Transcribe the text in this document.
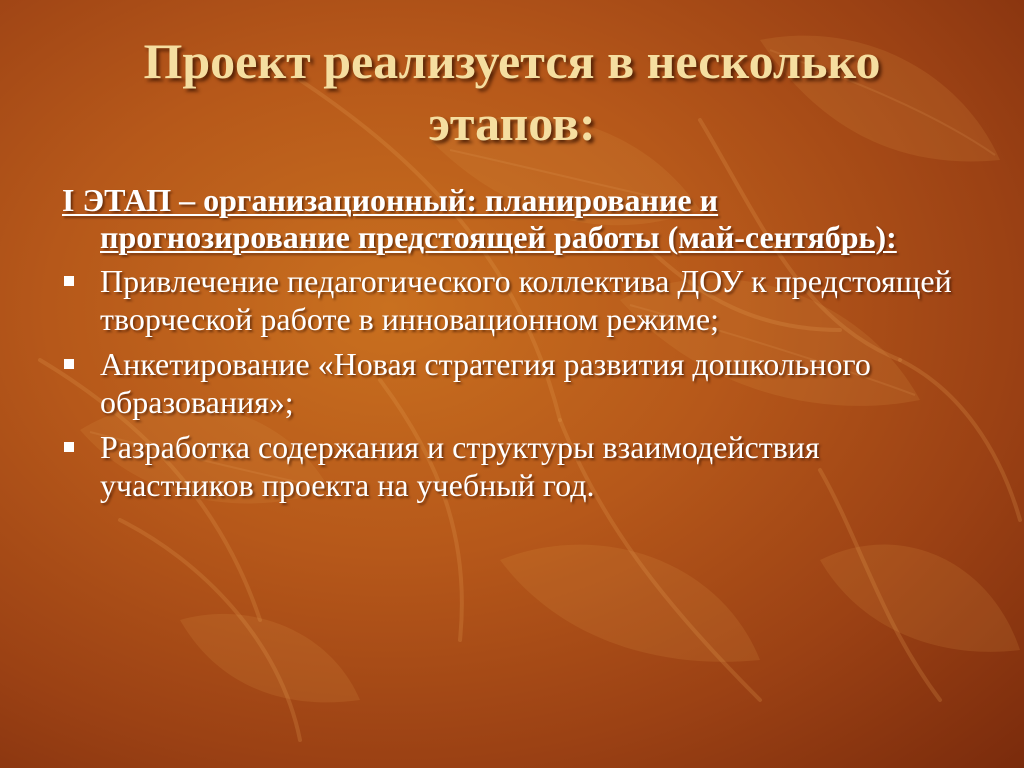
Проект реализуется в несколько этапов:

I ЭТАП – организационный: планирование и прогнозирование предстоящей работы (май-сентябрь):

Привлечение педагогического коллектива ДОУ к предстоящей творческой работе в инновационном режиме;
Анкетирование «Новая стратегия развития дошкольного образования»;
Разработка содержания и структуры взаимодействия участников проекта на учебный год.
